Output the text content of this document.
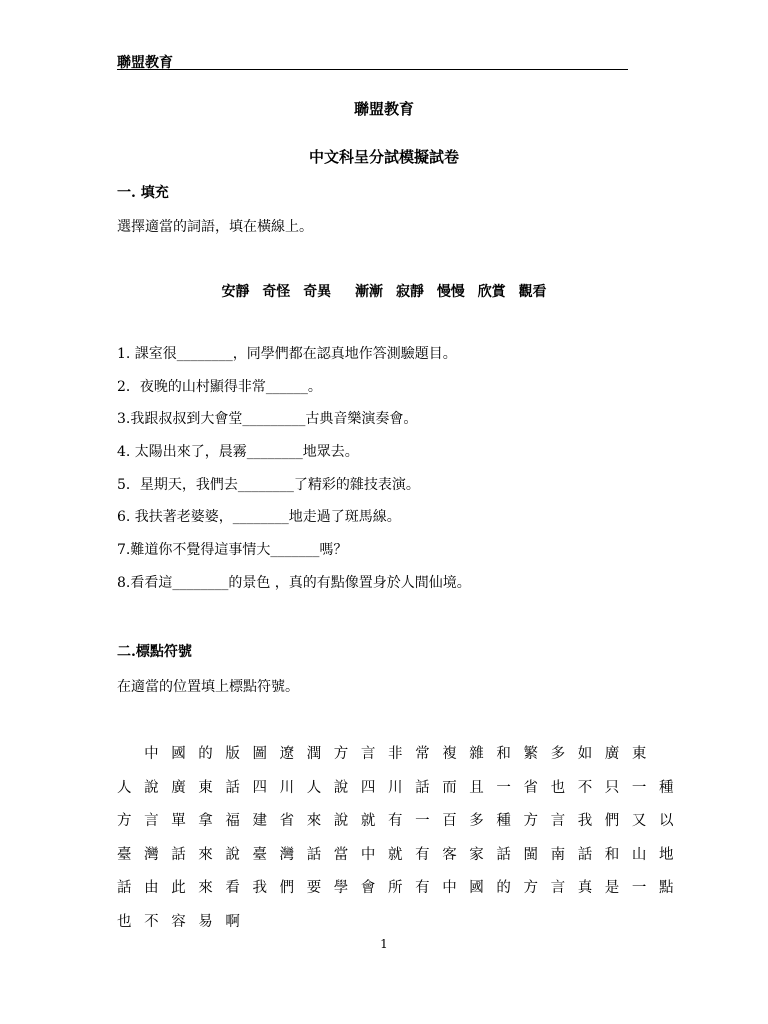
聯盟教育
聯盟教育
中文科呈分試模擬試卷
一. 填充
選擇適當的詞語，填在橫線上。
安靜 奇怪 奇異 漸漸 寂靜 慢慢 欣賞 觀看
1. 課室很________，同學們都在認真地作答測驗題目。
2．夜晚的山村顯得非常______。
3.我跟叔叔到大會堂_________古典音樂演奏會。
4. 太陽出來了，晨霧________地眾去。
5．星期天，我們去________了精彩的雜技表演。
6. 我扶著老婆婆，________地走過了斑馬線。
7.難道你不覺得這事情大_______嗎？
8.看看這________的景色 ，真的有點像置身於人間仙境。
二.標點符號
在適當的位置填上標點符號。
　中國的版圖遼潤方言非常複雜和繁多如廣東
人說廣東話四川人說四川話而且一省也不只一種
方言單拿福建省來說就有一百多種方言我們又以
臺灣話來說臺灣話當中就有客家話閩南話和山地
話由此來看我們要學會所有中國的方言真是一點
也不容易啊
1
